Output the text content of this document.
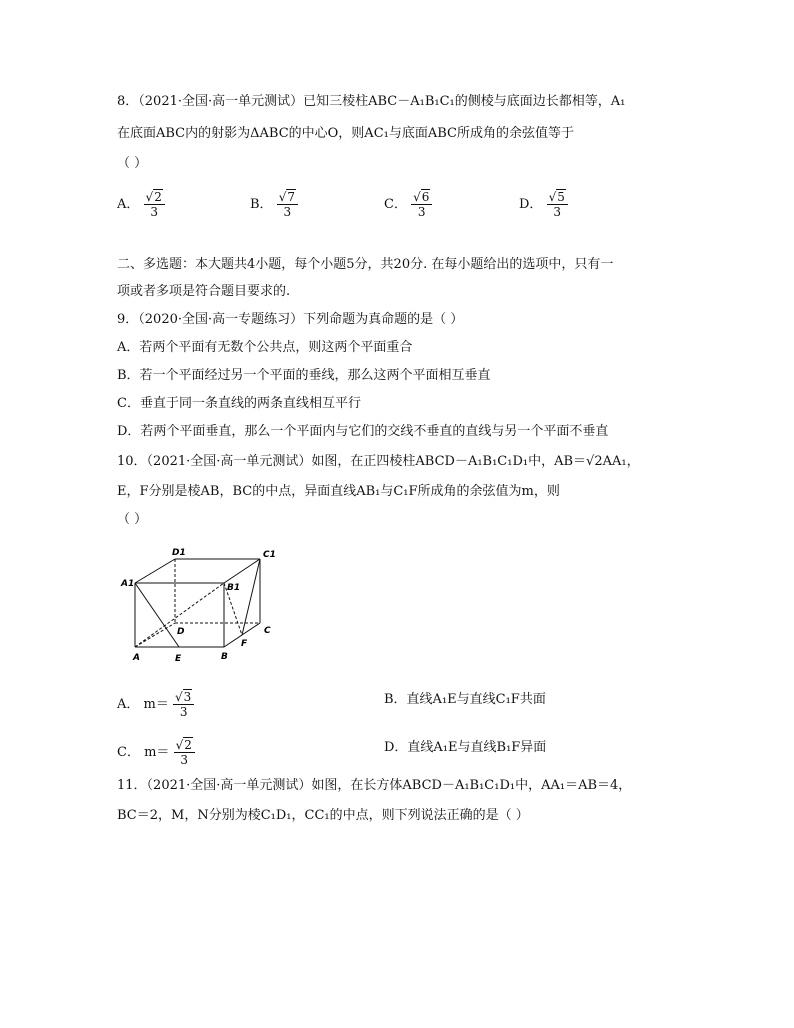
8．（2021·全国·高一单元测试）已知三棱柱ABC－A₁B₁C₁的侧棱与底面边长都相等，A₁
在底面ABC内的射影为ΔABC的中心O，则AC₁与底面ABC所成角的余弦值等于
（ ）
A． $\frac{√2}{3}$	B． $\frac{√7}{3}$	C． $\frac{√6}{3}$	D． $\frac{√5}{3}$
二、多选题：本大题共4小题，每个小题5分，共20分. 在每小题给出的选项中，只有一
项或者多项是符合题目要求的.
9．（2020·全国·高一专题练习）下列命题为真命题的是（ ）
A．若两个平面有无数个公共点，则这两个平面重合
B．若一个平面经过另一个平面的垂线，那么这两个平面相互垂直
C．垂直于同一条直线的两条直线相互平行
D．若两个平面垂直，那么一个平面内与它们的交线不垂直的直线与另一个平面不垂直
10．（2021·全国·高一单元测试）如图，在正四棱柱ABCD－A₁B₁C₁D₁中，AB＝√2AA₁，
E，F分别是棱AB，BC的中点，异面直线AB₁与C₁F所成角的余弦值为m，则
（ ）
D1	C1
A1	B1
D	C
F
A	E	B
A． $m= \frac{√3}{3}$	B．直线A₁E与直线C₁F共面
C． $m= \frac{√2}{3}$	D．直线A₁E与直线B₁F异面
11．（2021·全国·高一单元测试）如图，在长方体ABCD－A₁B₁C₁D₁中，AA₁＝AB＝4，
BC＝2，M，N分别为棱C₁D₁，CC₁的中点，则下列说法正确的是（ ）
